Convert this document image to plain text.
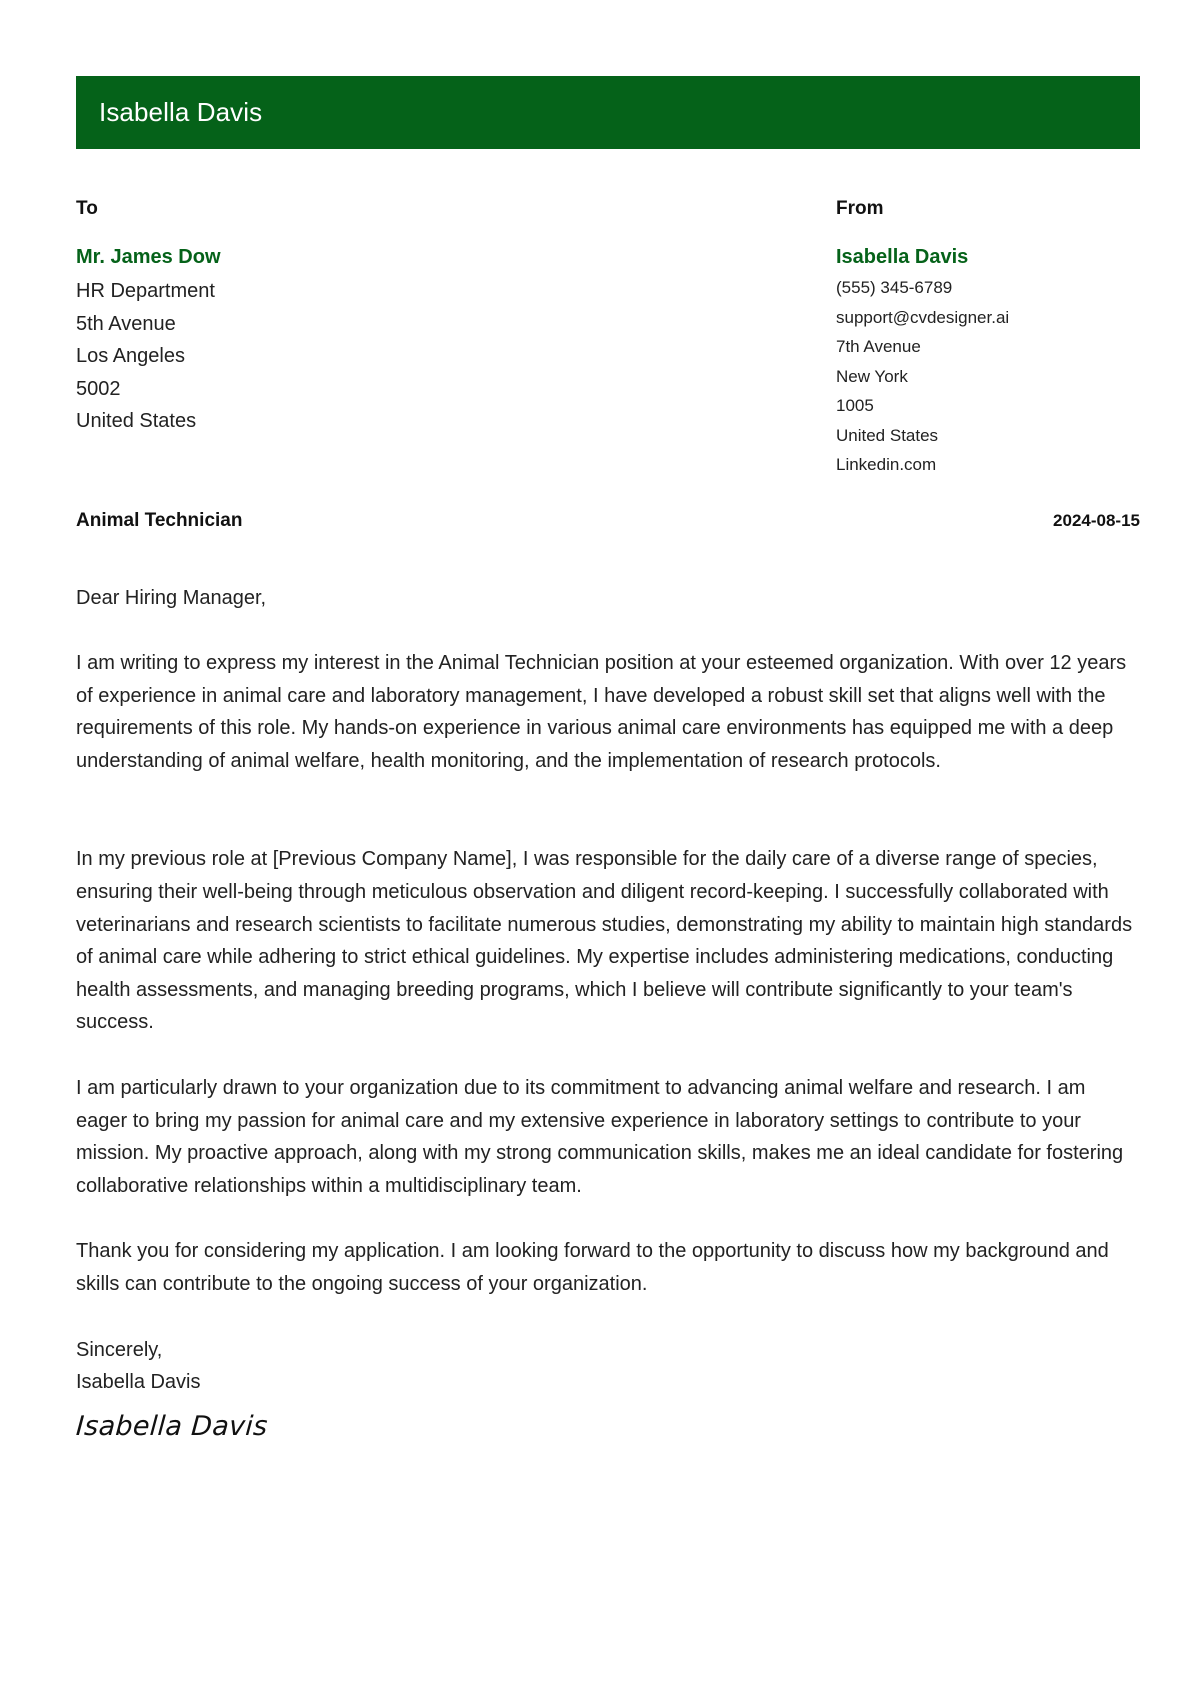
Isabella Davis
To
Mr. James Dow
HR Department
5th Avenue
Los Angeles
5002
United States
From
Isabella Davis
(555) 345-6789
support@cvdesigner.ai
7th Avenue
New York
1005
United States
Linkedin.com
Animal Technician	2024-08-15

Dear Hiring Manager,

I am writing to express my interest in the Animal Technician position at your esteemed organization. With over 12 years of experience in animal care and laboratory management, I have developed a robust skill set that aligns well with the requirements of this role. My hands-on experience in various animal care environments has equipped me with a deep understanding of animal welfare, health monitoring, and the implementation of research protocols.

In my previous role at [Previous Company Name], I was responsible for the daily care of a diverse range of species, ensuring their well-being through meticulous observation and diligent record-keeping. I successfully collaborated with veterinarians and research scientists to facilitate numerous studies, demonstrating my ability to maintain high standards of animal care while adhering to strict ethical guidelines. My expertise includes administering medications, conducting health assessments, and managing breeding programs, which I believe will contribute significantly to your team's success.

I am particularly drawn to your organization due to its commitment to advancing animal welfare and research. I am eager to bring my passion for animal care and my extensive experience in laboratory settings to contribute to your mission. My proactive approach, along with my strong communication skills, makes me an ideal candidate for fostering collaborative relationships within a multidisciplinary team.

Thank you for considering my application. I am looking forward to the opportunity to discuss how my background and skills can contribute to the ongoing success of your organization.

Sincerely,

Isabella Davis

Isabella Davis
